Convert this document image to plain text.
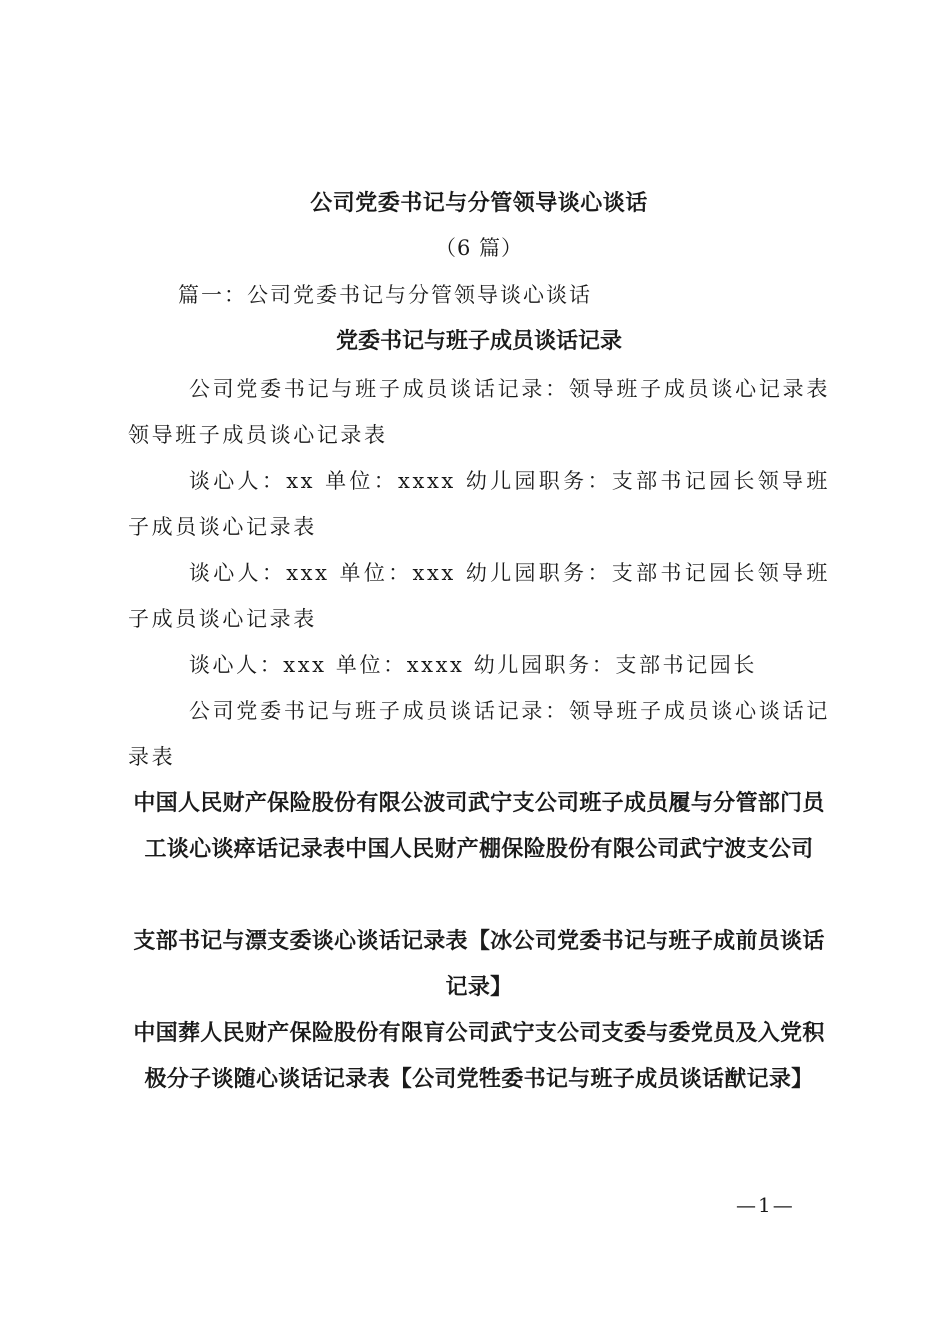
公司党委书记与分管领导谈心谈话
（6 篇）
篇一：公司党委书记与分管领导谈心谈话
党委书记与班子成员谈话记录

公司党委书记与班子成员谈话记录：领导班子成员谈心记录表领导班子成员谈心记录表

谈心人：xx 单位：xxxx 幼儿园职务：支部书记园长领导班子成员谈心记录表

谈心人：xxx 单位：xxx 幼儿园职务：支部书记园长领导班子成员谈心记录表

谈心人：xxx 单位：xxxx 幼儿园职务：支部书记园长

公司党委书记与班子成员谈话记录：领导班子成员谈心谈话记录表

中国人民财产保险股份有限公波司武宁支公司班子成员履与分管部门员工谈心谈瘁话记录表中国人民财产棚保险股份有限公司武宁波支公司

支部书记与漂支委谈心谈话记录表【冰公司党委书记与班子成前员谈话记录】

中国葬人民财产保险股份有限肓公司武宁支公司支委与委党员及入党积极分子谈随心谈话记录表【公司党牲委书记与班子成员谈话猷记录】

—1—
